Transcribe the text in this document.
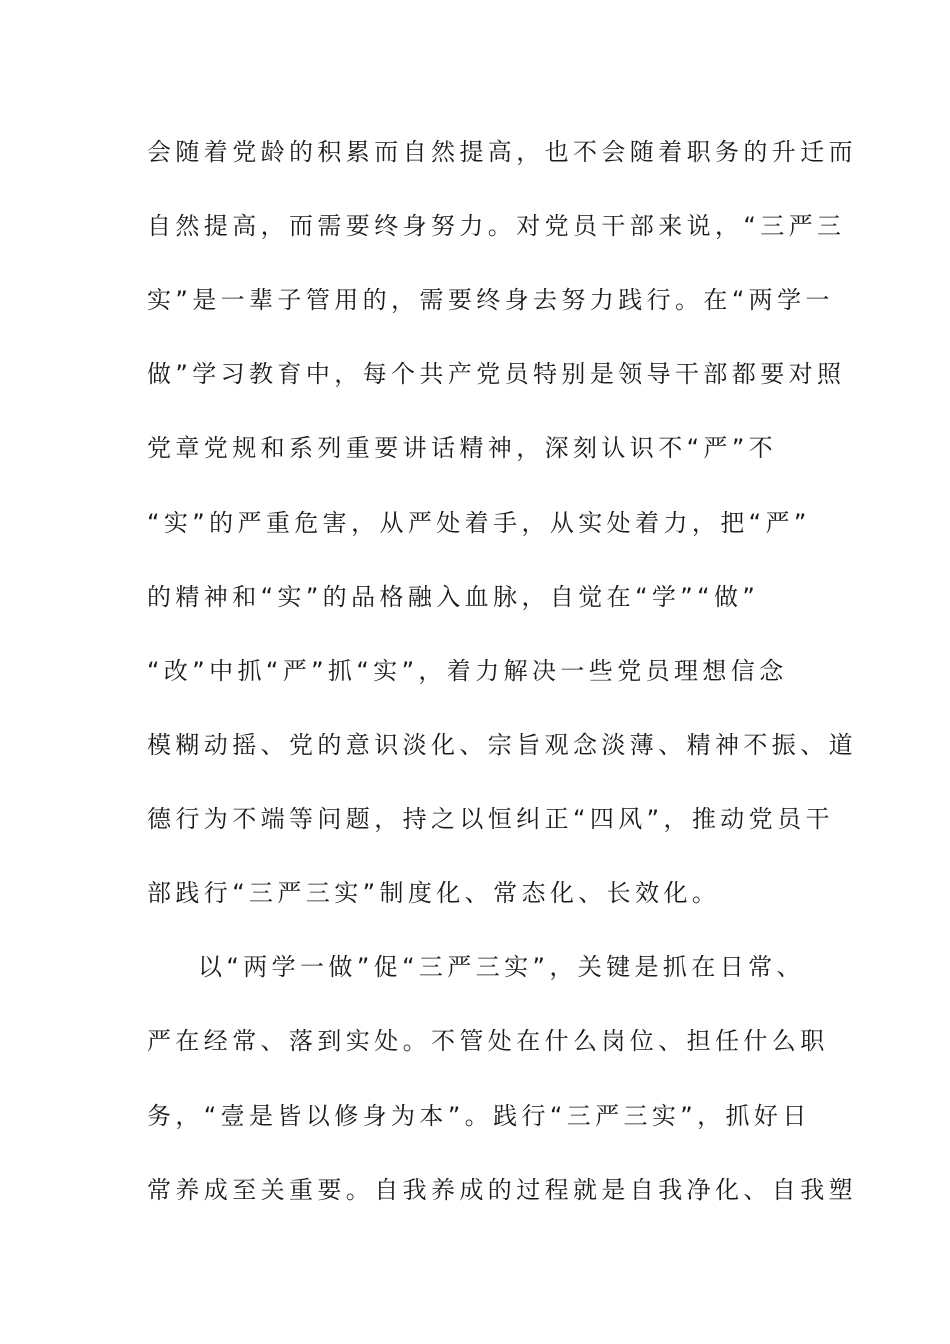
会随着党龄的积累而自然提高，也不会随着职务的升迁而
自然提高，而需要终身努力。对党员干部来说，“三严三
实”是一辈子管用的，需要终身去努力践行。在“两学一
做”学习教育中，每个共产党员特别是领导干部都要对照
党章党规和系列重要讲话精神，深刻认识不“严”不
“实”的严重危害，从严处着手，从实处着力，把“严”
的精神和“实”的品格融入血脉，自觉在“学”“做”
“改”中抓“严”抓“实”，着力解决一些党员理想信念
模糊动摇、党的意识淡化、宗旨观念淡薄、精神不振、道
德行为不端等问题，持之以恒纠正“四风”，推动党员干
部践行“三严三实”制度化、常态化、长效化。
以“两学一做”促“三严三实”，关键是抓在日常、
严在经常、落到实处。不管处在什么岗位、担任什么职
务，“壹是皆以修身为本”。践行“三严三实”，抓好日
常养成至关重要。自我养成的过程就是自我净化、自我塑
